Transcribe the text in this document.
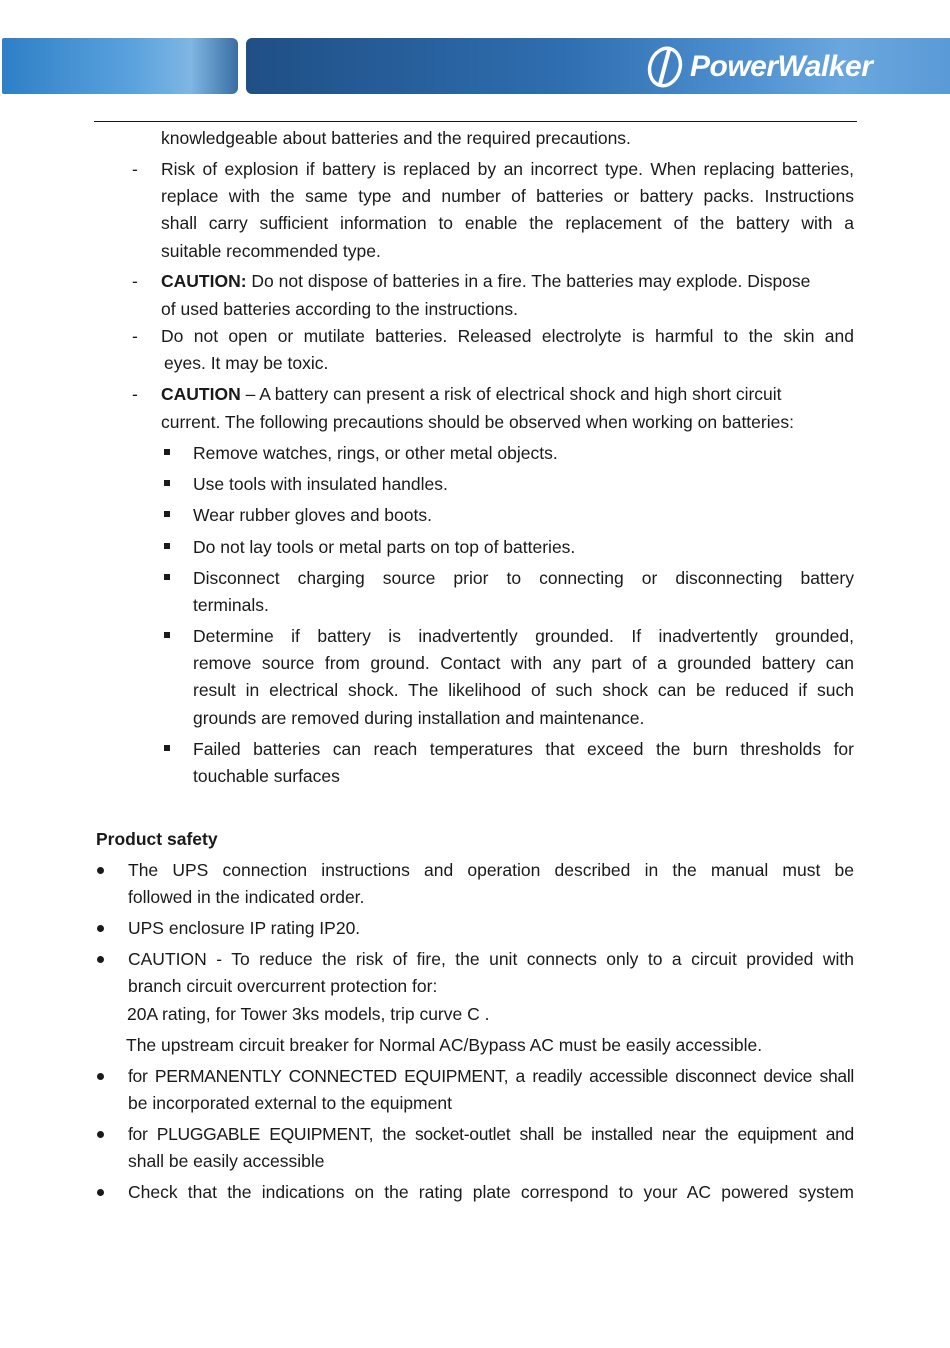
PowerWalker
knowledgeable about batteries and the required precautions.
-	Risk of explosion if battery is replaced by an incorrect type. When replacing batteries,
replace with the same type and number of batteries or battery packs. Instructions
shall carry sufficient information to enable the replacement of the battery with a
suitable recommended type.
-	CAUTION: Do not dispose of batteries in a fire. The batteries may explode. Dispose
of used batteries according to the instructions.
-	Do not open or mutilate batteries. Released electrolyte is harmful to the skin and
eyes. It may be toxic.
-	CAUTION – A battery can present a risk of electrical shock and high short circuit
current. The following precautions should be observed when working on batteries:
Remove watches, rings, or other metal objects.
Use tools with insulated handles.
Wear rubber gloves and boots.
Do not lay tools or metal parts on top of batteries.
Disconnect charging source prior to connecting or disconnecting battery
terminals.
Determine if battery is inadvertently grounded. If inadvertently grounded,
remove source from ground. Contact with any part of a grounded battery can
result in electrical shock. The likelihood of such shock can be reduced if such
grounds are removed during installation and maintenance.
Failed batteries can reach temperatures that exceed the burn thresholds for
touchable surfaces
Product safety
The UPS connection instructions and operation described in the manual must be
followed in the indicated order.
UPS enclosure IP rating IP20.
CAUTION - To reduce the risk of fire, the unit connects only to a circuit provided with
branch circuit overcurrent protection for:
20A rating, for Tower 3ks models, trip curve C .
The upstream circuit breaker for Normal AC/Bypass AC must be easily accessible.
for PERMANENTLY CONNECTED EQUIPMENT, a readily accessible disconnect device shall
be incorporated external to the equipment
for PLUGGABLE EQUIPMENT, the socket-outlet shall be installed near the equipment and
shall be easily accessible
Check that the indications on the rating plate correspond to your AC powered system
